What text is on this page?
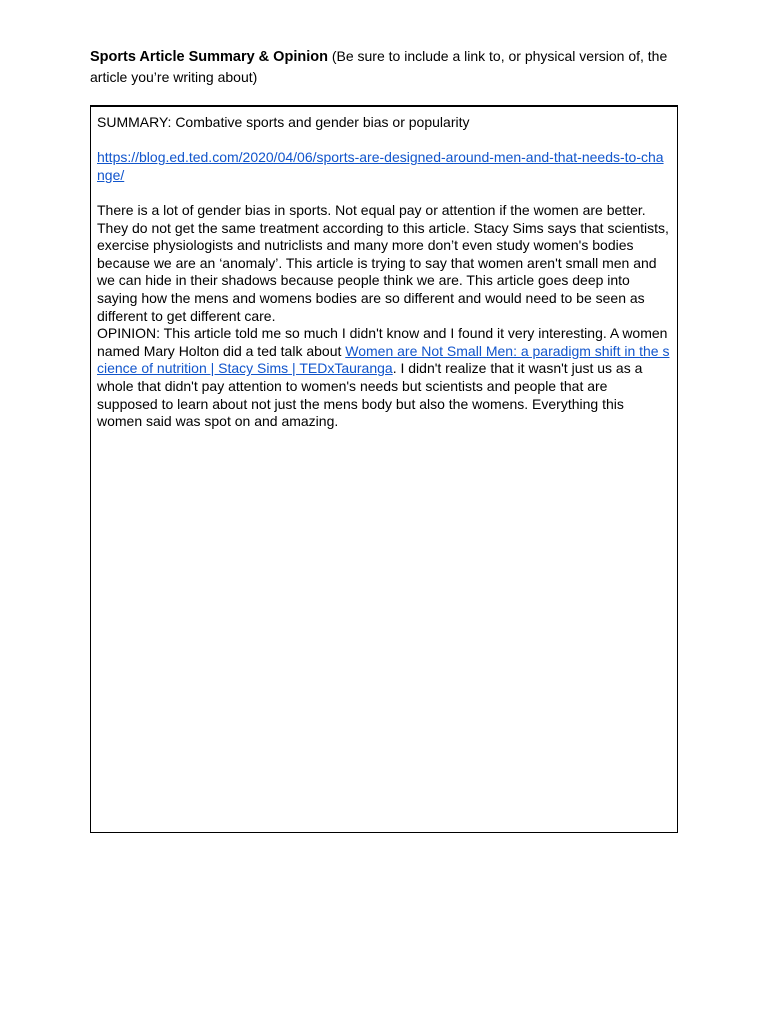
Sports Article Summary & Opinion (Be sure to include a link to, or physical version of, the article you’re writing about)

SUMMARY: Combative sports and gender bias or popularity

https://blog.ed.ted.com/2020/04/06/sports-are-designed-around-men-and-that-needs-to-change/

There is a lot of gender bias in sports. Not equal pay or attention if the women are better. They do not get the same treatment according to this article. Stacy Sims says that scientists, exercise physiologists and nutriclists and many more don’t even study women's bodies because we are an ‘anomaly’. This article is trying to say that women aren't small men and we can hide in their shadows because people think we are. This article goes deep into saying how the mens and womens bodies are so different and would need to be seen as different to get different care.

OPINION: This article told me so much I didn't know and I found it very interesting. A women named Mary Holton did a ted talk about Women are Not Small Men: a paradigm shift in the science of nutrition | Stacy Sims | TEDxTauranga. I didn't realize that it wasn't just us as a whole that didn't pay attention to women's needs but scientists and people that are supposed to learn about not just the mens body but also the womens. Everything this women said was spot on and amazing.
